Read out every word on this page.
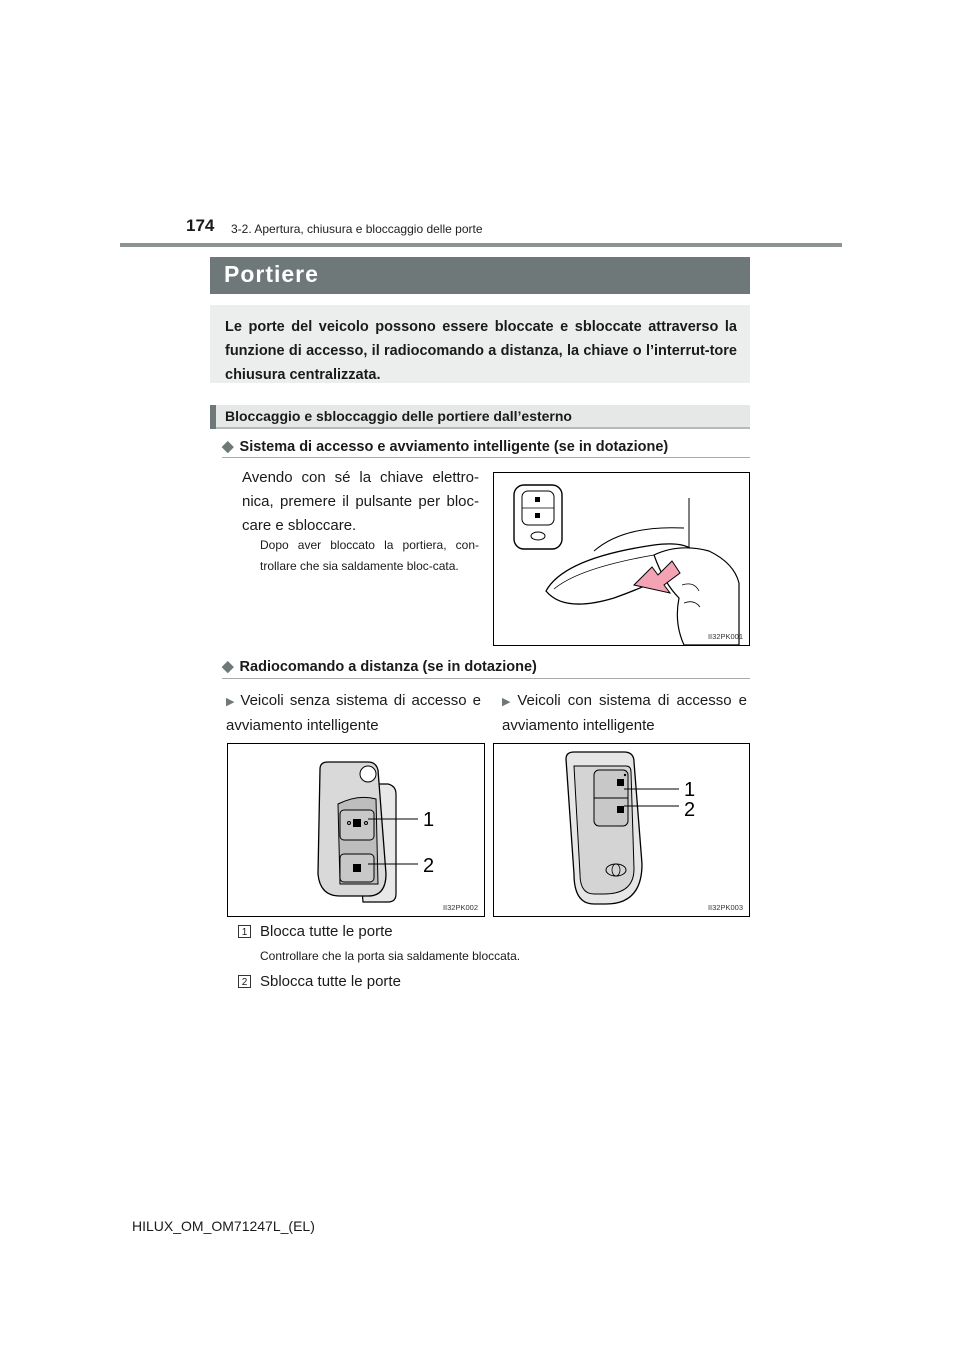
174 3-2. Apertura, chiusura e bloccaggio delle porte
Portiere
Le porte del veicolo possono essere bloccate e sbloccate attraverso la funzione di accesso, il radiocomando a distanza, la chiave o l’interrut-tore chiusura centralizzata.
Bloccaggio e sbloccaggio delle portiere dall’esterno
◆ Sistema di accesso e avviamento intelligente (se in dotazione)
Avendo con sé la chiave elettro-nica, premere il pulsante per bloc-care e sbloccare.
Dopo aver bloccato la portiera, con-trollare che sia saldamente bloc-cata.
II32PK001
◆ Radiocomando a distanza (se in dotazione)
▶ Veicoli senza sistema di accesso e avviamento intelligente
▶ Veicoli con sistema di accesso e avviamento intelligente
1
2
II32PK002
1
2
II32PK003
1 Blocca tutte le porte
Controllare che la porta sia saldamente bloccata.
2 Sblocca tutte le porte
HILUX_OM_OM71247L_(EL)
